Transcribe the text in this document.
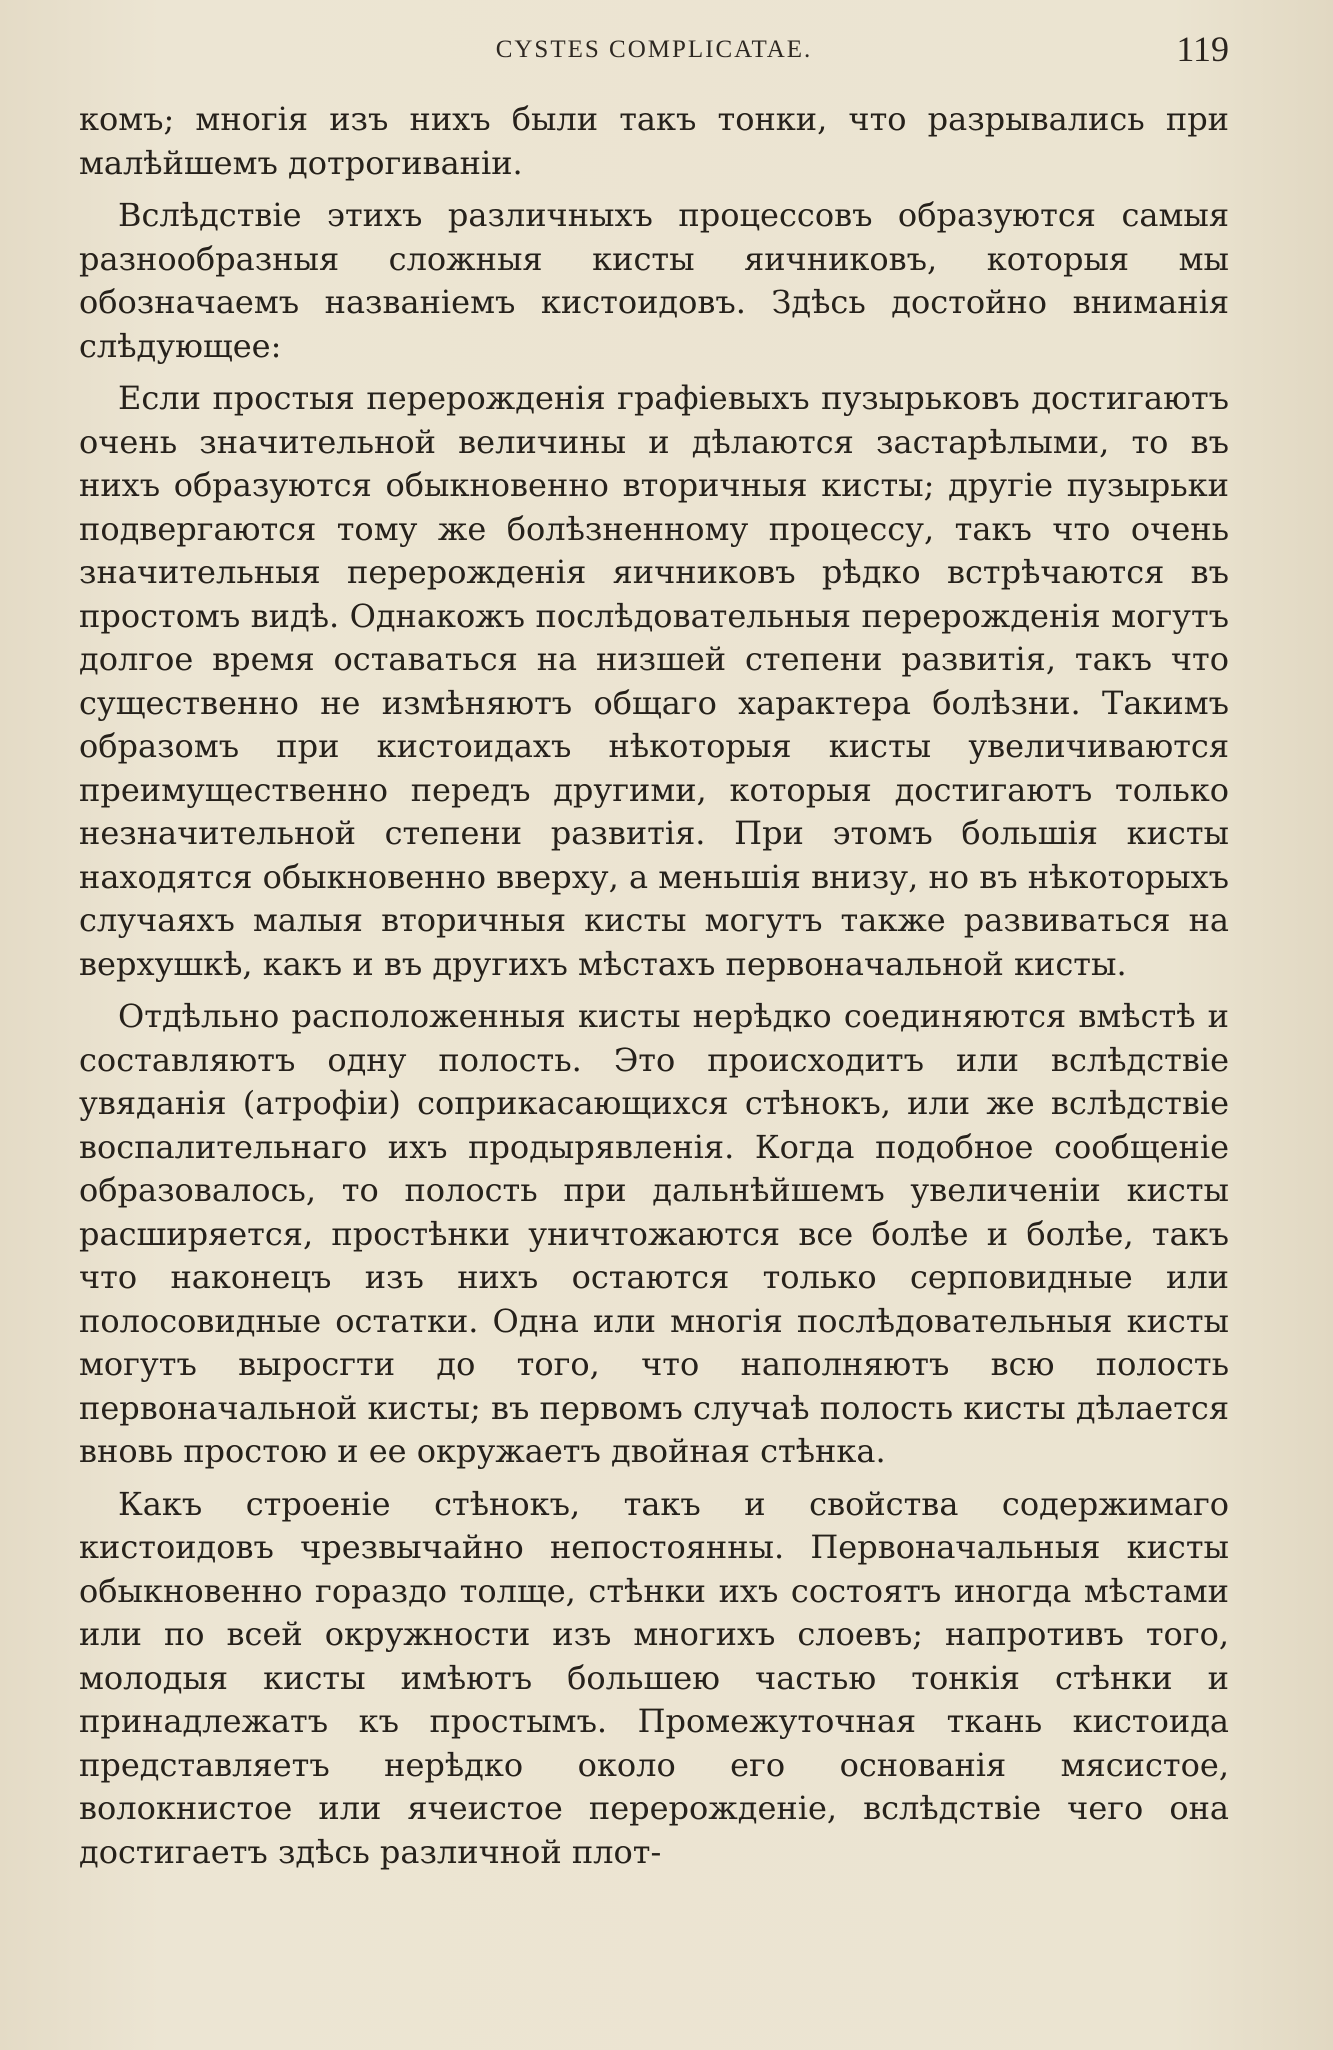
CYSTES COMPLICATAE.	119

комъ; многія изъ нихъ были такъ тонки, что разрывались при малѣйшемъ дотрогиваніи.

Вслѣдствіе этихъ различныхъ процессовъ образуются самыя разнообразныя сложныя кисты яичниковъ, которыя мы обозначаемъ названіемъ кистоидовъ. Здѣсь достойно вниманія слѣдующее:

Если простыя перерожденія графіевыхъ пузырьковъ достигаютъ очень значительной величины и дѣлаются застарѣлыми, то въ нихъ образуются обыкновенно вторичныя кисты; другіе пузырьки подвергаются тому же болѣзненному процессу, такъ что очень значительныя перерожденія яичниковъ рѣдко встрѣчаются въ простомъ видѣ. Однакожъ послѣдовательныя перерожденія могутъ долгое время оставаться на низшей степени развитія, такъ что существенно не измѣняютъ общаго характера болѣзни. Такимъ образомъ при кистоидахъ нѣкоторыя кисты увеличиваются преимущественно передъ другими, которыя достигаютъ только незначительной степени развитія. При этомъ большія кисты находятся обыкновенно вверху, а меньшія внизу, но въ нѣкоторыхъ случаяхъ малыя вторичныя кисты могутъ также развиваться на верхушкѣ, какъ и въ другихъ мѣстахъ первоначальной кисты.

Отдѣльно расположенныя кисты нерѣдко соединяются вмѣстѣ и составляютъ одну полость. Это происходитъ или вслѣдствіе увяданія (атрофіи) соприкасающихся стѣнокъ, или же вслѣдствіе воспалительнаго ихъ продырявленія. Когда подобное сообщеніе образовалось, то полость при дальнѣйшемъ увеличеніи кисты расширяется, простѣнки уничтожаются все болѣе и болѣе, такъ что наконецъ изъ нихъ остаются только серповидные или полосовидные остатки. Одна или многія послѣдовательныя кисты могутъ выросгти до того, что наполняютъ всю полость первоначальной кисты; въ первомъ случаѣ полость кисты дѣлается вновь простою и ее окружаетъ двойная стѣнка.

Какъ строеніе стѣнокъ, такъ и свойства содержимаго кистоидовъ чрезвычайно непостоянны. Первоначальныя кисты обыкновенно гораздо толще, стѣнки ихъ состоятъ иногда мѣстами или по всей окружности изъ многихъ слоевъ; напротивъ того, молодыя кисты имѣютъ большею частью тонкія стѣнки и принадлежатъ къ простымъ. Промежуточная ткань кистоида представляетъ нерѣдко около его основанія мясистое, волокнистое или ячеистое перерожденіе, вслѣдствіе чего она достигаетъ здѣсь различной плот-
